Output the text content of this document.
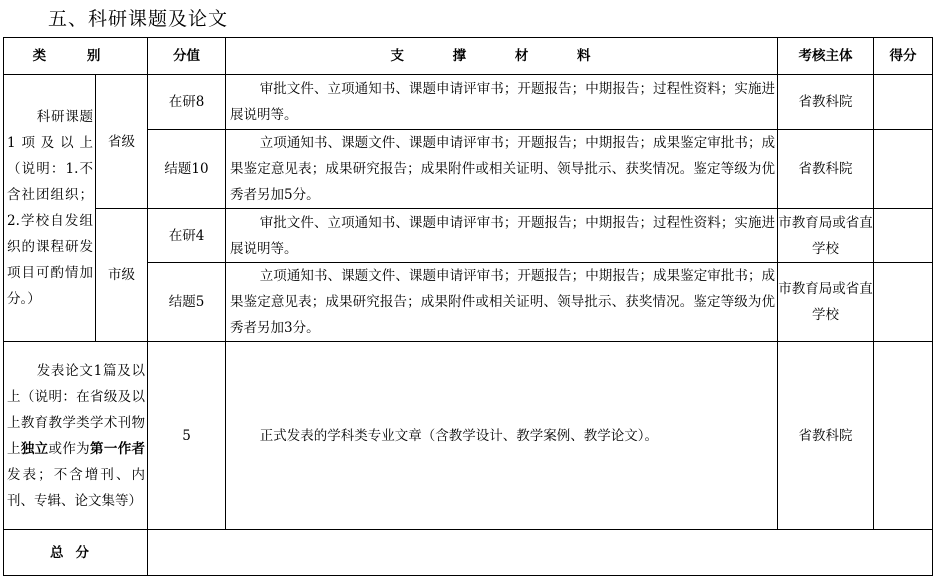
五、科研课题及论文
类 别		分值	支 撑 材 料	考核主体	得分

科研课题1项及以上（说明：1.不含社团组织；2.学校自发组织的课程研发项目可酌情加分。）	省级	在研8	审批文件、立项通知书、课题申请评审书；开题报告；中期报告；过程性资料；实施进展说明等。	省教科院	
		结题10	立项通知书、课题文件、课题申请评审书；开题报告；中期报告；成果鉴定审批书；成果鉴定意见表；成果研究报告；成果附件或相关证明、领导批示、获奖情况。鉴定等级为优秀者另加5分。	省教科院	
	市级	在研4	审批文件、立项通知书、课题申请评审书；开题报告；中期报告；过程性资料；实施进展说明等。	市教育局或省直学校	
		结题5	立项通知书、课题文件、课题申请评审书；开题报告；中期报告；成果鉴定审批书；成果鉴定意见表；成果研究报告；成果附件或相关证明、领导批示、获奖情况。鉴定等级为优秀者另加3分。	市教育局或省直学校	

发表论文1篇及以上（说明：在省级及以上教育教学类学术刊物上独立或作为第一作者发表；不含增刊、内刊、专辑、论文集等）		5	正式发表的学科类专业文章（含教学设计、教学案例、教学论文）。	省教科院	
总分					
